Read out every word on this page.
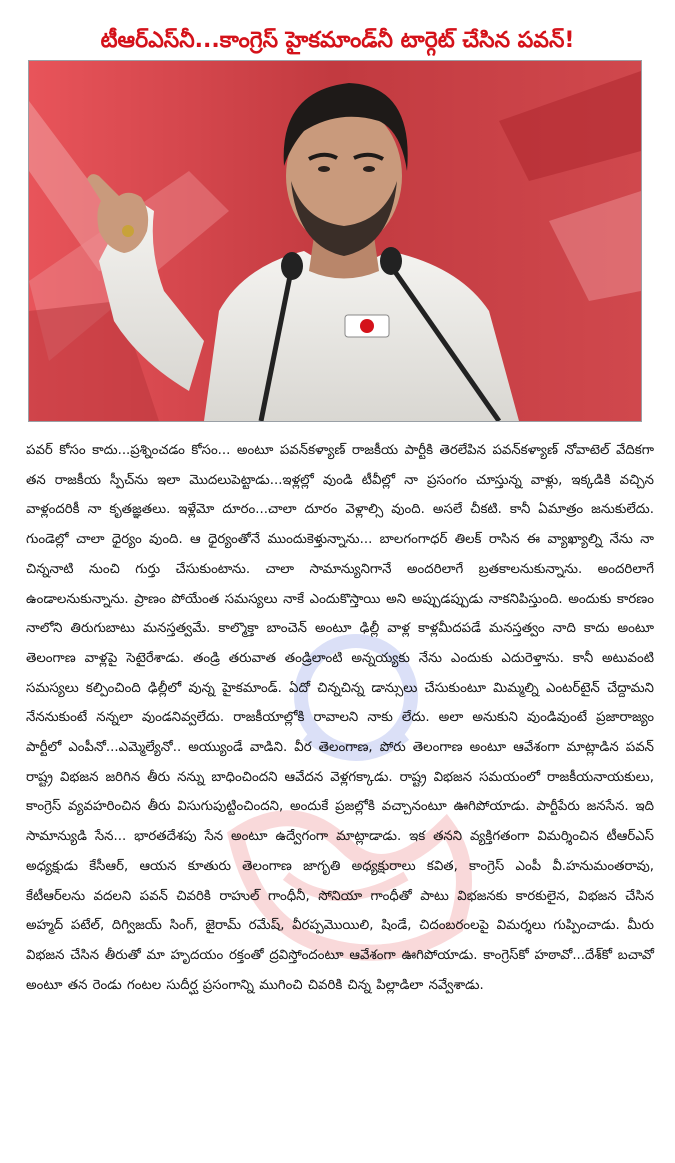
టీఆర్ఎస్‌నీ...కాంగ్రెస్ హైకమాండ్‌నీ టార్గెట్ చేసిన పవన్!

పవర్ కోసం కాదు...ప్రశ్నించడం కోసం... అంటూ పవన్‌కళ్యాణ్ రాజకీయ పార్టీకి తెరలేపిన పవన్‌కళ్యాణ్ నోవాటెల్ వేదికగా తన రాజకీయ స్పీచ్‌ను ఇలా మొదలుపెట్టాడు...ఇళ్లల్లో వుండి టీవీల్లో నా ప్రసంగం చూస్తున్న వాళ్లు, ఇక్కడికి వచ్చిన వాళ్లందరికీ నా కృతజ్ఞతలు. ఇళ్లేమో దూరం...చాలా దూరం వెళ్లాల్సి వుంది. అసలే చీకటి. కానీ ఏమాత్రం జనుకులేదు. గుండెల్లో చాలా ధైర్యం వుంది. ఆ ధైర్యంతోనే ముందుకెళ్తున్నాను... బాలగంగాధర్ తిలక్ రాసిన ఈ వ్యాఖ్యాల్ని నేను నా చిన్ననాటి నుంచి గుర్తు చేసుకుంటాను. చాలా సామాన్యునిగానే అందరిలాగే బ్రతకాలనుకున్నాను. అందరిలాగే ఉండాలనుకున్నాను. ప్రాణం పోయేంత సమస్యలు నాకే ఎందుకొస్తాయి అని అప్పుడప్పుడు నాకనిపిస్తుంది. అందుకు కారణం నాలోని తిరుగుబాటు మనస్తత్వమే. కాల్మొక్తా బాంచెన్ అంటూ ఢిల్లీ వాళ్ల కాళ్లమీదపడే మనస్తత్వం నాది కాదు అంటూ తెలంగాణ వాళ్లపై సెటైరేశాడు. తండ్రి తరువాత తండ్రిలాంటి అన్నయ్యకు నేను ఎందుకు ఎదురెళ్తాను. కానీ అటువంటి సమస్యలు కల్పించింది ఢిల్లీలో వున్న హైకమాండ్. ఏదో చిన్నచిన్న డాన్సులు చేసుకుంటూ మిమ్మల్ని ఎంటర్‌టైన్ చేద్దామని నేననుకుంటే నన్నలా వుండనివ్వలేదు. రాజకీయాల్లోకి రావాలని నాకు లేదు. అలా అనుకుని వుండివుంటే ప్రజారాజ్యం పార్టీలో ఎంపీనో...ఎమ్మెల్యేనో.. అయ్యుండే వాడిని. వీర తెలంగాణ, పోరు తెలంగాణ అంటూ ఆవేశంగా మాట్లాడిన పవన్ రాష్ట్ర విభజన జరిగిన తీరు నన్ను బాధించిందని ఆవేదన వెళ్లగక్కాడు. రాష్ట్ర విభజన సమయంలో రాజకీయనాయకులు, కాంగ్రెస్ వ్యవహరించిన తీరు విసుగుపుట్టించిందని, అందుకే ప్రజల్లోకి వచ్చానంటూ ఊగిపోయాడు. పార్టీపేరు జనసేన. ఇది సామాన్యుడి సేన... భారతదేశపు సేన అంటూ ఉద్వేగంగా మాట్లాడాడు. ఇక తనని వ్యక్తిగతంగా విమర్శించిన టీఆర్ఎస్ అధ్యక్షుడు కేసీఆర్, ఆయన కూతురు తెలంగాణ జాగృతి అధ్యక్షురాలు కవిత, కాంగ్రెస్ ఎంపీ వీ.హనుమంతరావు, కేటీఆర్‌లను వదలని పవన్ చివరికి రాహుల్ గాంధీనీ, సోనియా గాంధీతో పాటు విభజనకు కారకులైన, విభజన చేసిన అహ్మద్ పటేల్, దిగ్విజయ్ సింగ్, జైరామ్ రమేష్, వీరప్పమొయిలి, షిండే, చిదంబరంలపై విమర్శలు గుప్పించాడు. మీరు విభజన చేసిన తీరుతో మా హృదయం రక్తంతో ద్రవిస్తోందంటూ ఆవేశంగా ఊగిపోయాడు. కాంగ్రెస్‌కో హఠావో...దేశ్‌కో బచావో అంటూ తన రెండు గంటల సుదీర్ఘ ప్రసంగాన్ని ముగించి చివరికి చిన్న పిల్లాడిలా నవ్వేశాడు.
